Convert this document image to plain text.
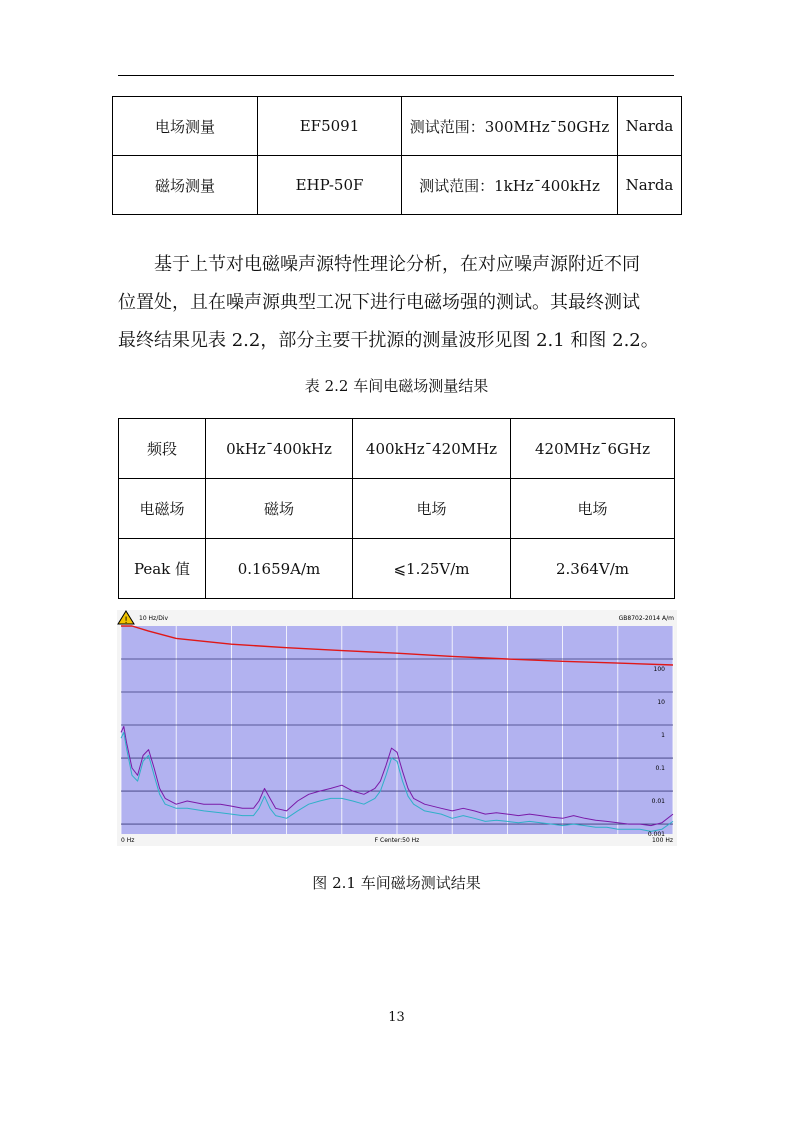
电场测量	EF5091	测试范围：300MHz¯50GHz	Narda
磁场测量	EHP-50F	测试范围：1kHz¯400kHz	Narda

基于上节对电磁噪声源特性理论分析，在对应噪声源附近不同

位置处，且在噪声源典型工况下进行电磁场强的测试。其最终测试

最终结果见表 2.2，部分主要干扰源的测量波形见图 2.1 和图 2.2。

表 2.2 车间电磁场测量结果
频段	0kHz¯400kHz	400kHz¯420MHz	420MHz¯6GHz
电磁场	磁场	电场	电场
Peak 值	0.1659A/m	⩽1.25V/m	2.364V/m
! 10 Hz/Div	GB8702-2014 A/m
100
10
1
0.1
0.01
0.001
0 Hz	F Center:50 Hz	100 Hz
图 2.1 车间磁场测试结果
13
